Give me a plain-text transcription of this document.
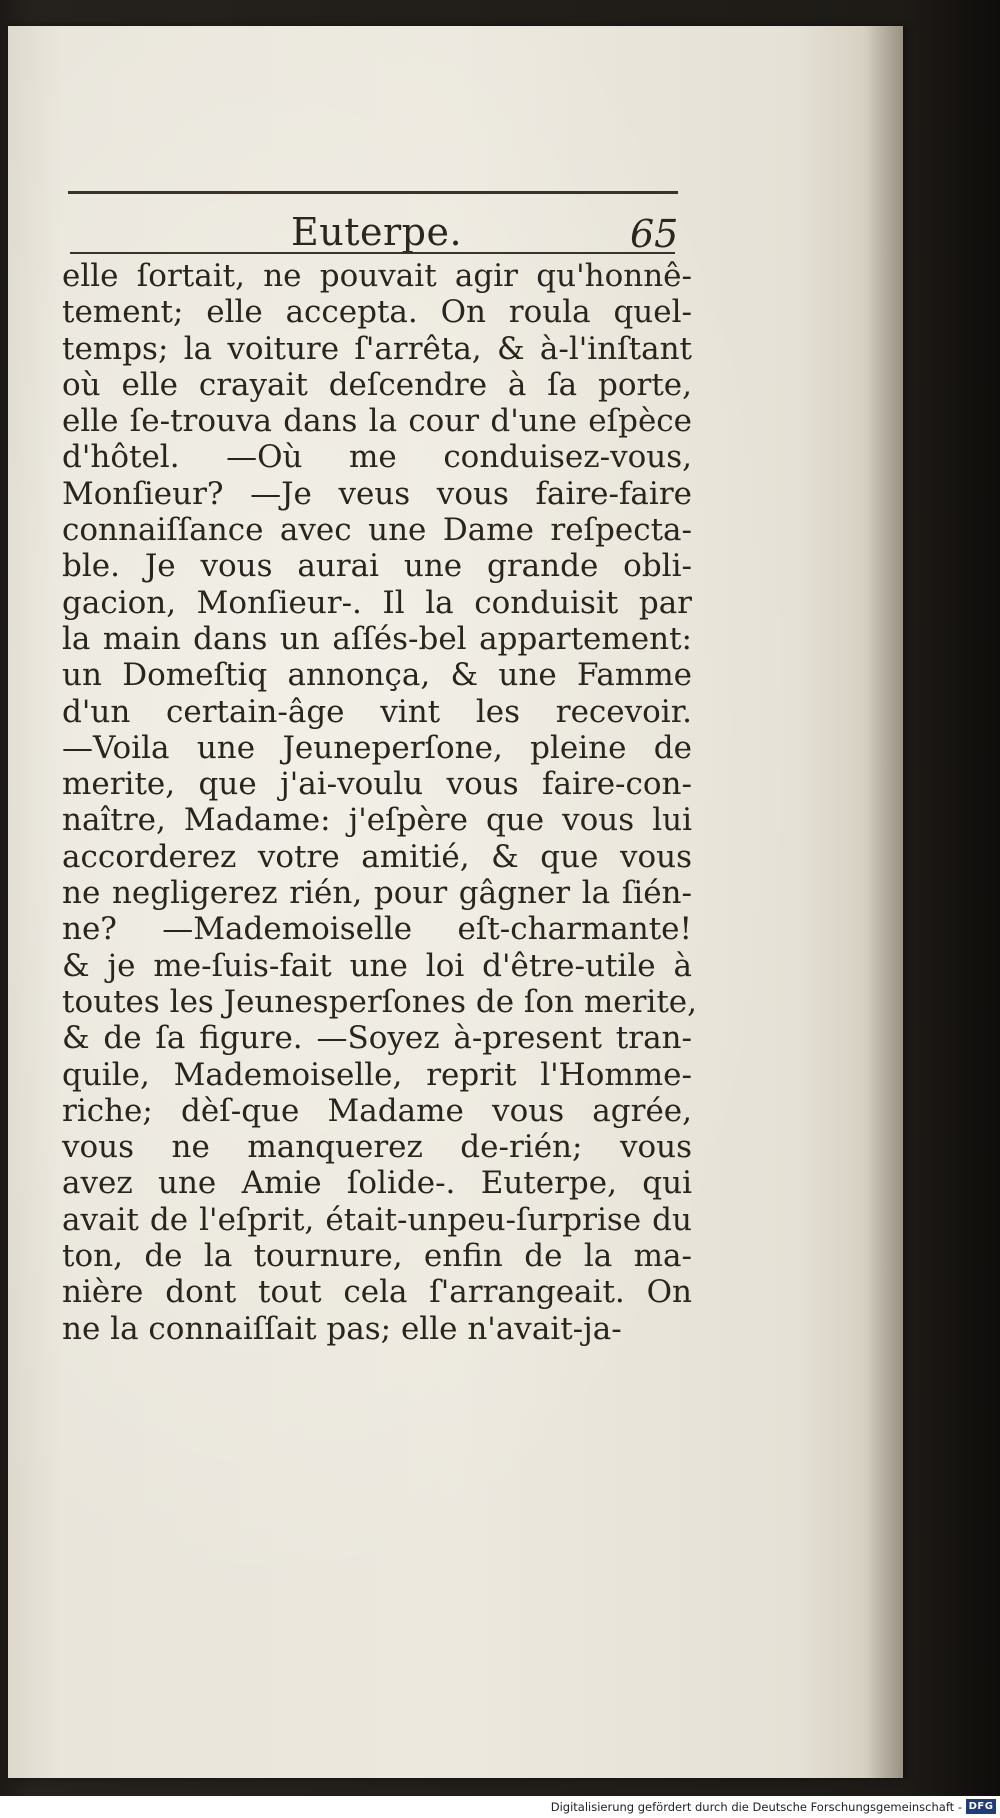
Euterpe.	65
elle ſortait, ne pouvait agir qu'honnê-
tement; elle accepta. On roula quel-
temps; la voiture ſ'arrêta, & à-l'inſtant
où elle crayait deſcendre à ſa porte,
elle ſe-trouva dans la cour d'une eſpèce
d'hôtel. —Où me conduisez-vous,
Monſieur? —Je veus vous faire-faire
connaiſſance avec une Dame reſpecta-
ble. Je vous aurai une grande obli-
gacion, Monſieur-. Il la conduisit par
la main dans un aſſés-bel appartement:
un Domeſtiq annonça, & une Famme
d'un certain-âge vint les recevoir.
—Voila une Jeuneperſone, pleine de
merite, que j'ai-voulu vous faire-con-
naître, Madame: j'eſpère que vous lui
accorderez votre amitié, & que vous
ne negligerez rién, pour gâgner la ſién-
ne? —Mademoiselle eſt-charmante!
& je me-ſuis-fait une loi d'être-utile à
toutes les Jeunesperſones de ſon merite,
& de ſa figure. —Soyez à-present tran-
quile, Mademoiselle, reprit l'Homme-
riche; dèſ-que Madame vous agrée,
vous ne manquerez de-rién; vous
avez une Amie ſolide-. Euterpe, qui
avait de l'eſprit, était-unpeu-ſurprise du
ton, de la tournure, enfin de la ma-
nière dont tout cela ſ'arrangeait. On
ne la connaiſſait pas; elle n'avait-ja-
Digitalisierung gefördert durch die Deutsche Forschungsgemeinschaft - DFG
